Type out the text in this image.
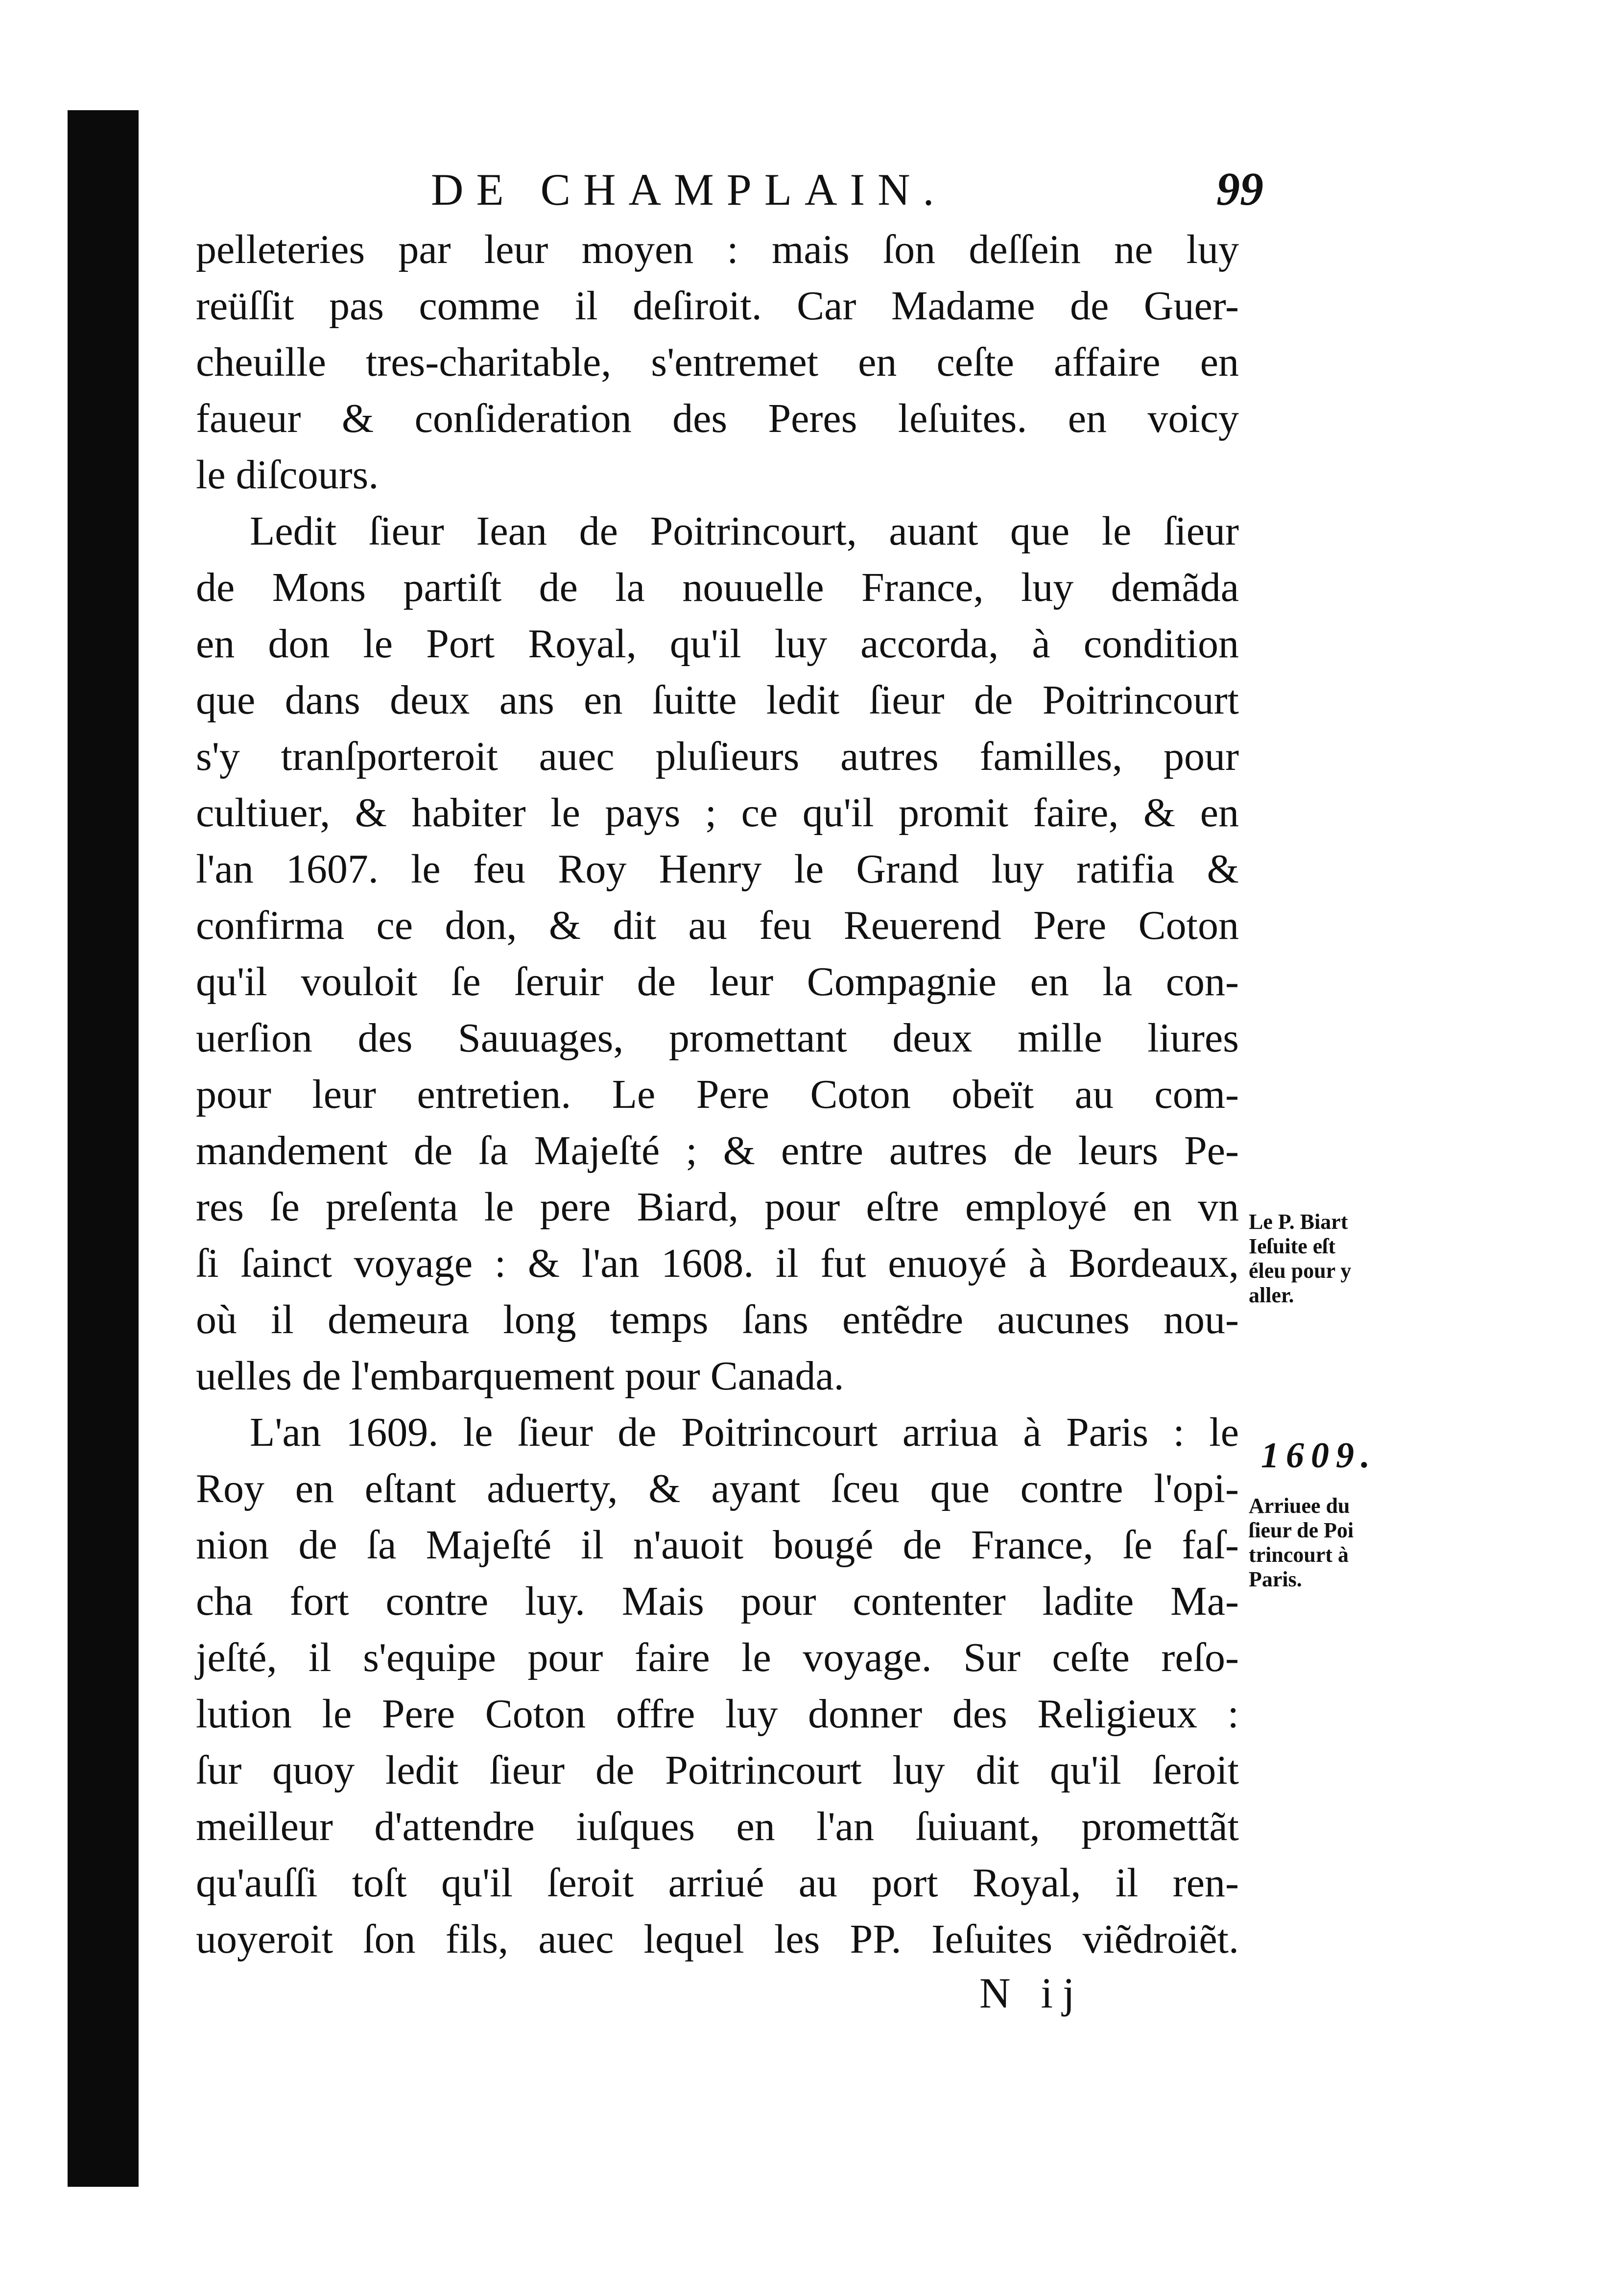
DE CHAMPLAIN.	99
pelleteries par leur moyen : mais ſon deſſein ne luy
reüſſit pas comme il deſiroit. Car Madame de Guer-
cheuille tres-charitable, s'entremet en ceſte affaire en
faueur & conſideration des Peres leſuites. en voicy
le diſcours.
Ledit ſieur Iean de Poitrincourt, auant que le ſieur
de Mons partiſt de la nouuelle France, luy demãda
en don le Port Royal, qu'il luy accorda, à condition
que dans deux ans en ſuitte ledit ſieur de Poitrincourt
s'y tranſporteroit auec pluſieurs autres familles, pour
cultiuer, & habiter le pays ; ce qu'il promit faire, & en
l'an 1607. le feu Roy Henry le Grand luy ratifia &
confirma ce don, & dit au feu Reuerend Pere Coton
qu'il vouloit ſe ſeruir de leur Compagnie en la con-
uerſion des Sauuages, promettant deux mille liures
pour leur entretien. Le Pere Coton obeït au com-
mandement de ſa Majeſté ; & entre autres de leurs Pe-
res ſe preſenta le pere Biard, pour eſtre employé en vn
ſi ſainct voyage : & l'an 1608. il fut enuoyé à Bordeaux,
où il demeura long temps ſans entẽdre aucunes nou-
uelles de l'embarquement pour Canada.
L'an 1609. le ſieur de Poitrincourt arriua à Paris : le
Roy en eſtant aduerty, & ayant ſceu que contre l'opi-
nion de ſa Majeſté il n'auoit bougé de France, ſe faſ-
cha fort contre luy. Mais pour contenter ladite Ma-
jeſté, il s'equipe pour faire le voyage. Sur ceſte reſo-
lution le Pere Coton offre luy donner des Religieux :
ſur quoy ledit ſieur de Poitrincourt luy dit qu'il ſeroit
meilleur d'attendre iuſques en l'an ſuiuant, promettãt
qu'auſſi toſt qu'il ſeroit arriué au port Royal, il ren-
uoyeroit ſon fils, auec lequel les PP. Ieſuites viẽdroiẽt.
Le P. Biart
Ieſuite eſt
éleu pour y
aller.
1609.
Arriuee du
ſieur de Poi
trincourt à
Paris.
N ij
